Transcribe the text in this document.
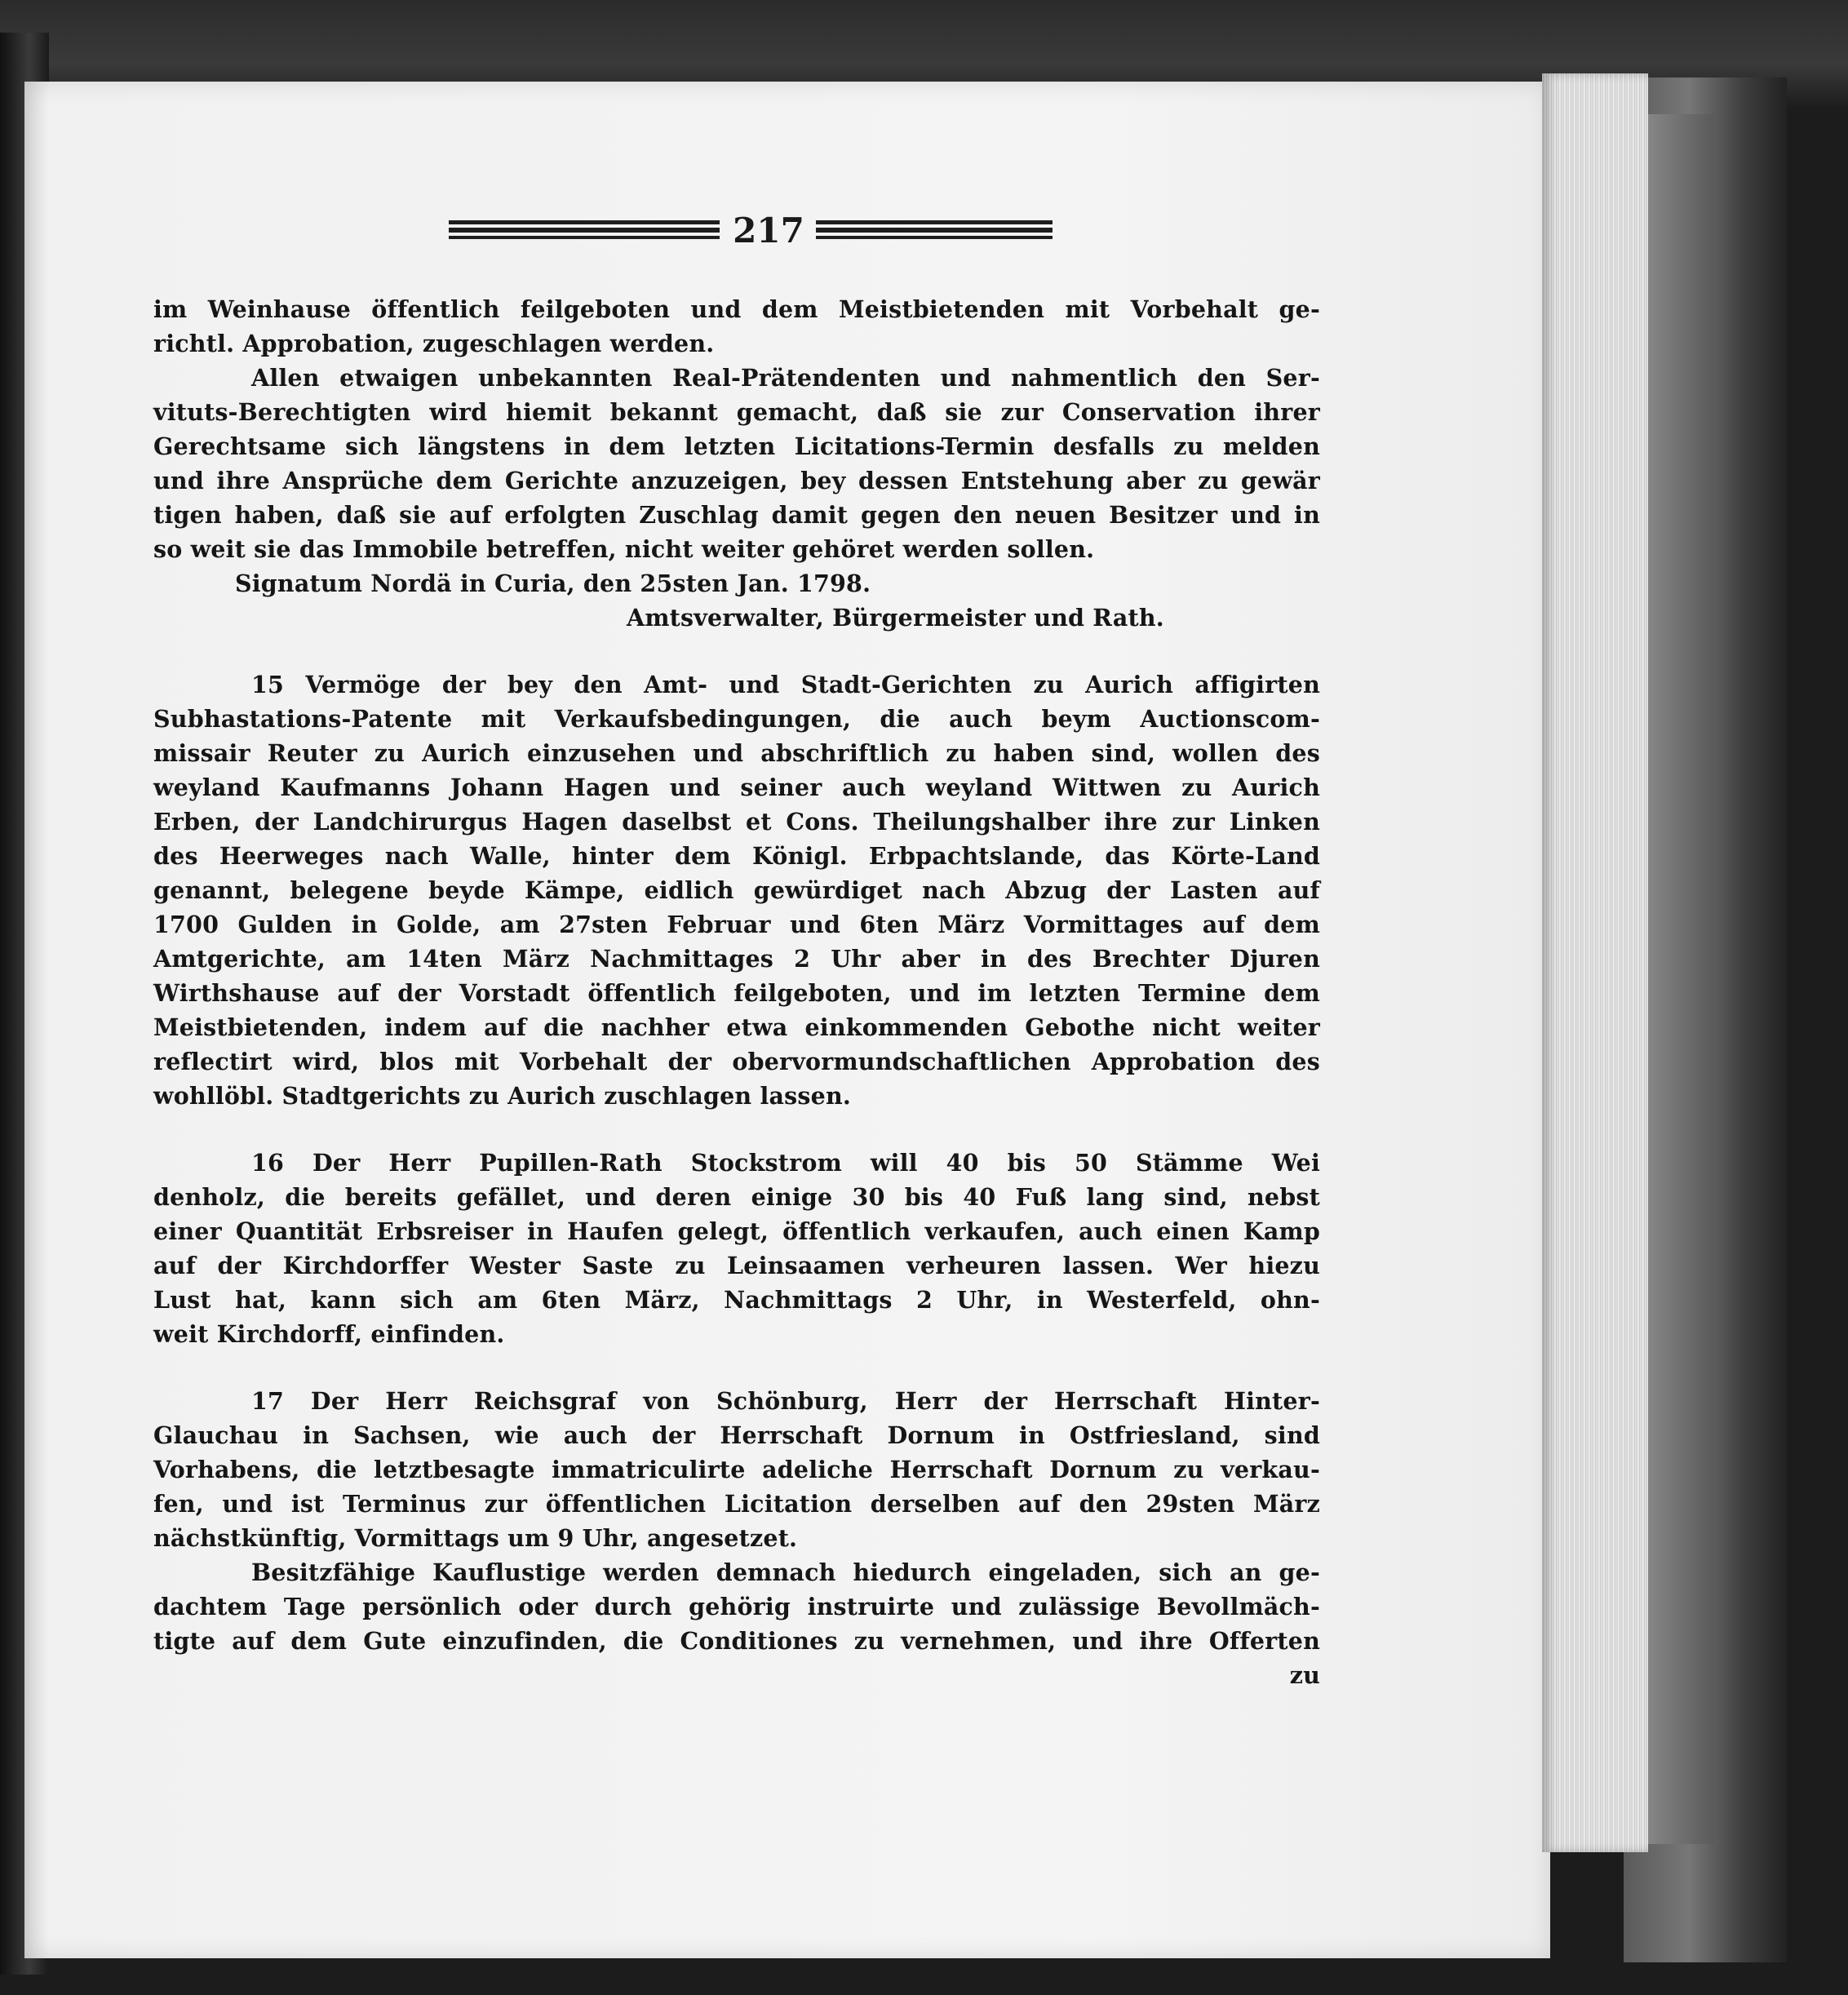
217
im Weinhause öffentlich feilgeboten und dem Meistbietenden mit Vorbehalt ge-
richtl. Approbation, zugeschlagen werden.
Allen etwaigen unbekannten Real-Prätendenten und nahmentlich den Ser-
vituts-Berechtigten wird hiemit bekannt gemacht, daß sie zur Conservation ihrer
Gerechtsame sich längstens in dem letzten Licitations-Termin desfalls zu melden
und ihre Ansprüche dem Gerichte anzuzeigen, bey dessen Entstehung aber zu gewär
tigen haben, daß sie auf erfolgten Zuschlag damit gegen den neuen Besitzer und in
so weit sie das Immobile betreffen, nicht weiter gehöret werden sollen.
Signatum Nordä in Curia, den 25sten Jan. 1798.
Amtsverwalter, Bürgermeister und Rath.
15 Vermöge der bey den Amt- und Stadt-Gerichten zu Aurich affigirten
Subhastations-Patente mit Verkaufsbedingungen, die auch beym Auctionscom-
missair Reuter zu Aurich einzusehen und abschriftlich zu haben sind, wollen des
weyland Kaufmanns Johann Hagen und seiner auch weyland Wittwen zu Aurich
Erben, der Landchirurgus Hagen daselbst et Cons. Theilungshalber ihre zur Linken
des Heerweges nach Walle, hinter dem Königl. Erbpachtslande, das Körte-Land
genannt, belegene beyde Kämpe, eidlich gewürdiget nach Abzug der Lasten auf
1700 Gulden in Golde, am 27sten Februar und 6ten März Vormittages auf dem
Amtgerichte, am 14ten März Nachmittages 2 Uhr aber in des Brechter Djuren
Wirthshause auf der Vorstadt öffentlich feilgeboten, und im letzten Termine dem
Meistbietenden, indem auf die nachher etwa einkommenden Gebothe nicht weiter
reflectirt wird, blos mit Vorbehalt der obervormundschaftlichen Approbation des
wohllöbl. Stadtgerichts zu Aurich zuschlagen lassen.
16 Der Herr Pupillen-Rath Stockstrom will 40 bis 50 Stämme Wei
denholz, die bereits gefället, und deren einige 30 bis 40 Fuß lang sind, nebst
einer Quantität Erbsreiser in Haufen gelegt, öffentlich verkaufen, auch einen Kamp
auf der Kirchdorffer Wester Saste zu Leinsaamen verheuren lassen. Wer hiezu
Lust hat, kann sich am 6ten März, Nachmittags 2 Uhr, in Westerfeld, ohn-
weit Kirchdorff, einfinden.
17 Der Herr Reichsgraf von Schönburg, Herr der Herrschaft Hinter-
Glauchau in Sachsen, wie auch der Herrschaft Dornum in Ostfriesland, sind
Vorhabens, die letztbesagte immatriculirte adeliche Herrschaft Dornum zu verkau-
fen, und ist Terminus zur öffentlichen Licitation derselben auf den 29sten März
nächstkünftig, Vormittags um 9 Uhr, angesetzet.
Besitzfähige Kauflustige werden demnach hiedurch eingeladen, sich an ge-
dachtem Tage persönlich oder durch gehörig instruirte und zulässige Bevollmäch-
tigte auf dem Gute einzufinden, die Conditiones zu vernehmen, und ihre Offerten
zu
